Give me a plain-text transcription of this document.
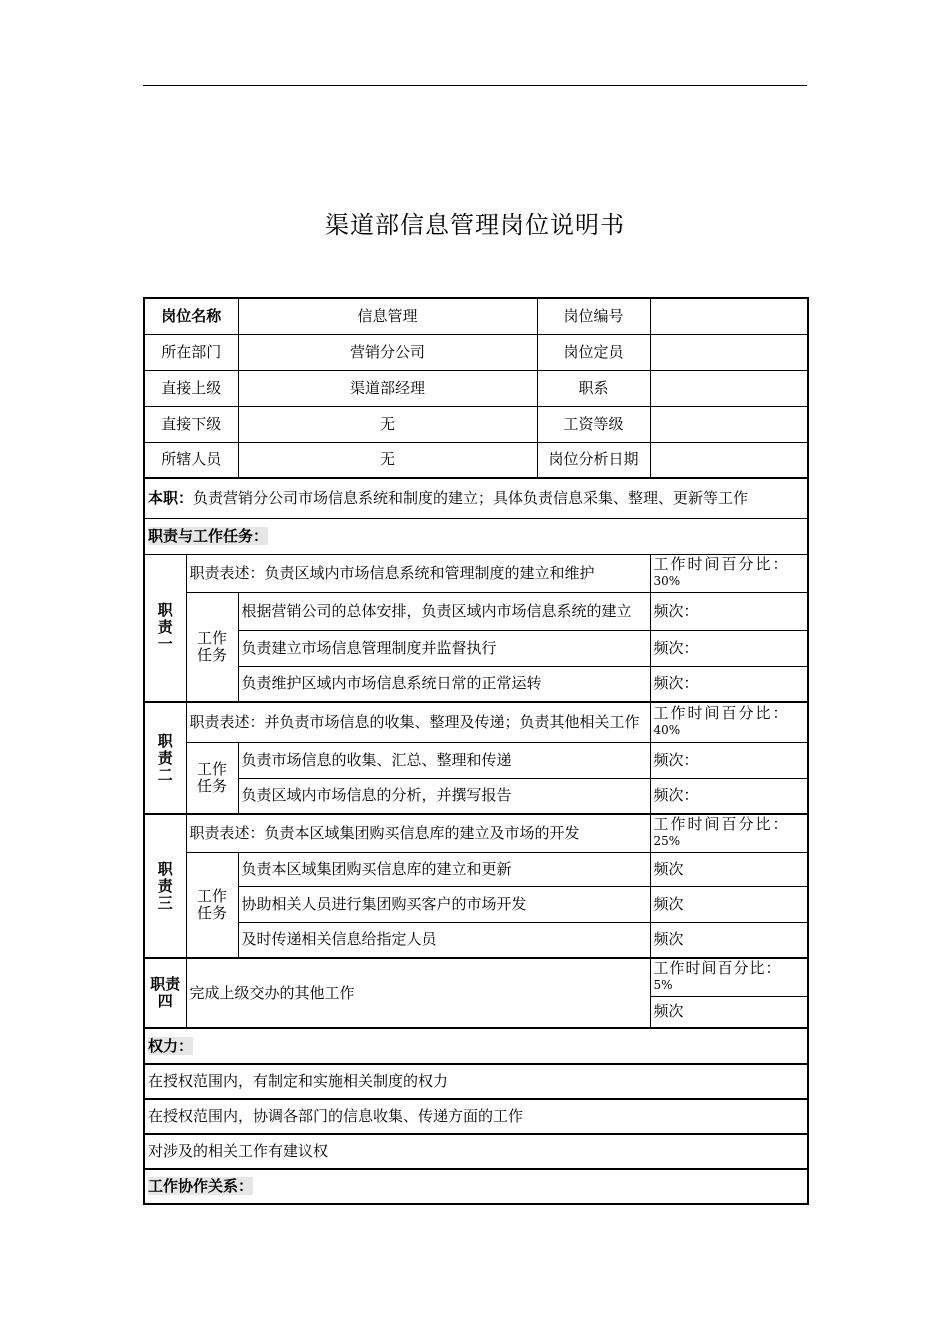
渠道部信息管理岗位说明书
岗位名称		信息管理	岗位编号	
所在部门		营销分公司	岗位定员	
直接上级		渠道部经理	职系	
直接下级		无	工资等级	
所辖人员		无	岗位分析日期	
本职：负责营销分公司市场信息系统和制度的建立；具体负责信息采集、整理、更新等工作				
职责与工作任务：				
职责一	职责表述：负责区域内市场信息系统和管理制度的建立和维护			工作时间百分比：
30%

	工作任务	根据营销公司的总体安排，负责区域内市场信息系统的建立		频次：
		负责建立市场信息管理制度并监督执行		频次：
		负责维护区域内市场信息系统日常的正常运转		频次：
职责二	职责表述：并负责市场信息的收集、整理及传递；负责其他相关工作			工作时间百分比：
40%

	工作任务	负责市场信息的收集、汇总、整理和传递		频次：
		负责区域内市场信息的分析，并撰写报告		频次：
职责三	职责表述：负责本区域集团购买信息库的建立及市场的开发			工作时间百分比：
25%

	工作任务	负责本区域集团购买信息库的建立和更新		频次
		协助相关人员进行集团购买客户的市场开发		频次
		及时传递相关信息给指定人员		频次
职责四	完成上级交办的其他工作			工作时间百分比：
5%

				频次
权力：				
在授权范围内，有制定和实施相关制度的权力				
在授权范围内，协调各部门的信息收集、传递方面的工作				
对涉及的相关工作有建议权				
工作协作关系：				
